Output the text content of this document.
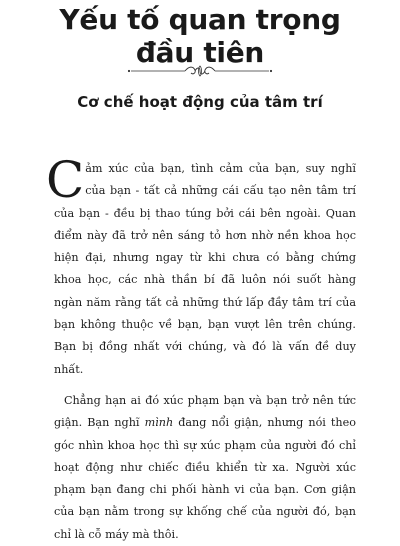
Yếu tố quan trọng
đầu tiên
Cơ chế hoạt động của tâm trí

Cảm xúc của bạn, tình cảm của bạn, suy nghĩ của bạn - tất cả những cái cấu tạo nên tâm trí của bạn - đều bị thao túng bởi cái bên ngoài. Quan điểm này đã trở nên sáng tỏ hơn nhờ nền khoa học hiện đại, nhưng ngay từ khi chưa có bằng chứng khoa học, các nhà thần bí đã luôn nói suốt hàng ngàn năm rằng tất cả những thứ lấp đầy tâm trí của bạn không thuộc về bạn, bạn vượt lên trên chúng. Bạn bị đồng nhất với chúng, và đó là vấn đề duy nhất.

Chẳng hạn ai đó xúc phạm bạn và bạn trở nên tức giận. Bạn nghĩ mình đang nổi giận, nhưng nói theo góc nhìn khoa học thì sự xúc phạm của người đó chỉ hoạt động như chiếc điều khiển từ xa. Người xúc phạm bạn đang chi phối hành vi của bạn. Cơn giận của bạn nằm trong sự khống chế của người đó, bạn chỉ là cỗ máy mà thôi.
